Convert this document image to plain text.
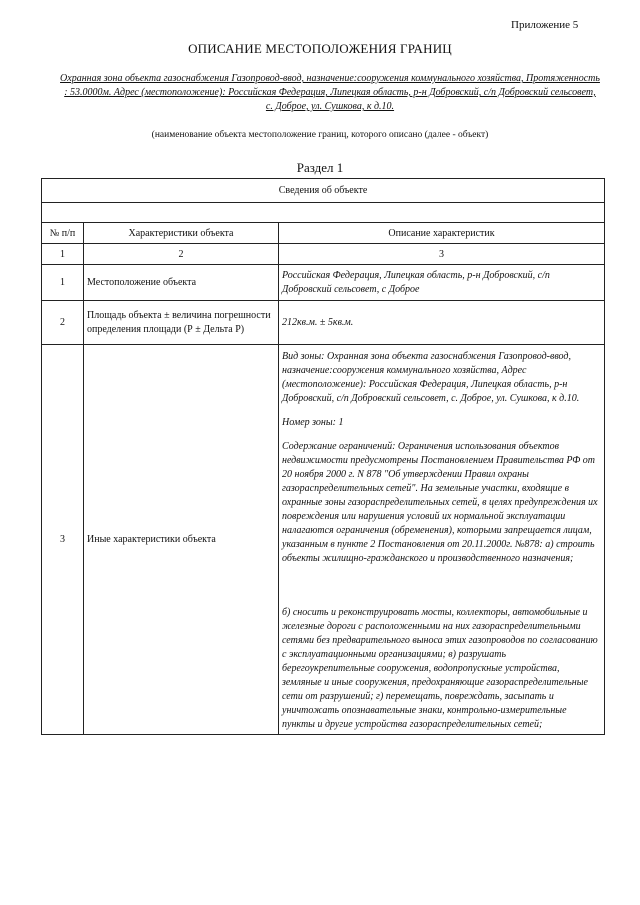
Приложение 5
ОПИСАНИЕ МЕСТОПОЛОЖЕНИЯ ГРАНИЦ
Охранная зона объекта газоснабжения Газопровод-ввод, назначение:сооружения коммунального хозяйства, Протяженность : 53.0000м. Адрес (местоположение): Российская Федерация, Липецкая область, р-н Добровский, с/п Добровский сельсовет, с. Доброе, ул. Сушкова, к д.10.
(наименование объекта местоположение границ, которого описано (далее - объект)
Раздел 1
Сведения об объекте		

№ п/п	Характеристики объекта	Описание характеристик
1	2	3
1	Местоположение объекта	Российская Федерация, Липецкая область, р-н Добровский, с/п Добровский сельсовет, с Доброе

2	Площадь объекта ± величина погрешности определения площади (Р ± Дельта Р)	212кв.м. ± 5кв.м.

3	Иные характеристики объекта	Вид зоны: Охранная зона объекта газоснабжения Газопровод-ввод, назначение:сооружения коммунального хозяйства, Адрес (местоположение): Российская Федерация, Липецкая область, р-н Добровский, с/п Добровский сельсовет, с. Доброе, ул. Сушкова, к д.10.
Номер зоны: 1
Содержание ограничений: Ограничения использования объектов недвижимости предусмотрены Постановлением Правительства РФ от 20 ноября 2000 г. N 878 "Об утверждении Правил охраны газораспределительных сетей". На земельные участки, входящие в охранные зоны газораспределительных сетей, в целях предупреждения их повреждения или нарушения условий их нормальной эксплуатации налагаются ограничения (обременения), которыми запрещается лицам, указанным в пункте 2 Постановления от 20.11.2000г. №878: а) строить объекты жилищно-гражданского и производственного назначения;
б) сносить и реконструировать мосты, коллекторы, автомобильные и железные дороги с расположенными на них газораспределительными сетями без предварительного выноса этих газопроводов по согласованию с эксплуатационными организациями; в) разрушать берегоукрепительные сооружения, водопропускные устройства, земляные и иные сооружения, предохраняющие газораспределительные сети от разрушений; г) перемещать, повреждать, засыпать и уничтожать опознавательные знаки, контрольно-измерительные пункты и другие устройства газораспределительных сетей;
